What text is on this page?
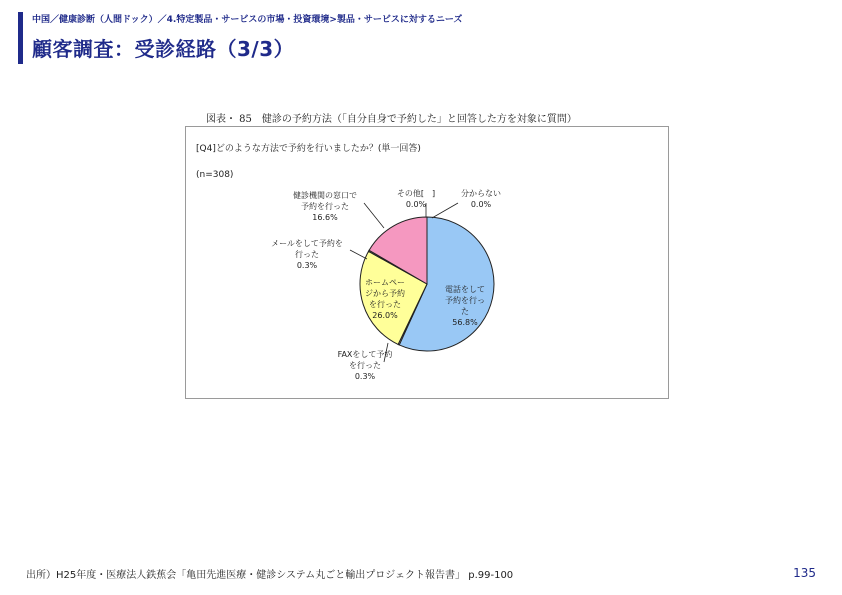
中国／健康診断（人間ドック）／4.特定製品・サービスの市場・投資環境>製品・サービスに対するニーズ
顧客調査：受診経路（3/3）
図表・ 85　健診の予約方法（「自分自身で予約した」と回答した方を対象に質問）
[Q4]どのような方法で予約を行いましたか？(単一回答)
(n=308)
電話をして
予約を行っ
た
56.8%
FAXをして予約
を行った
0.3%
ホームペー
ジから予約
を行った
26.0%
メールをして予約を
行った
0.3%
健診機関の窓口で
予約を行った
16.6%
その他[　]
0.0%
分からない
0.0%
出所）H25年度・医療法人鉄蕉会「亀田先進医療・健診システム丸ごと輸出プロジェクト報告書」 p.99-100	135
